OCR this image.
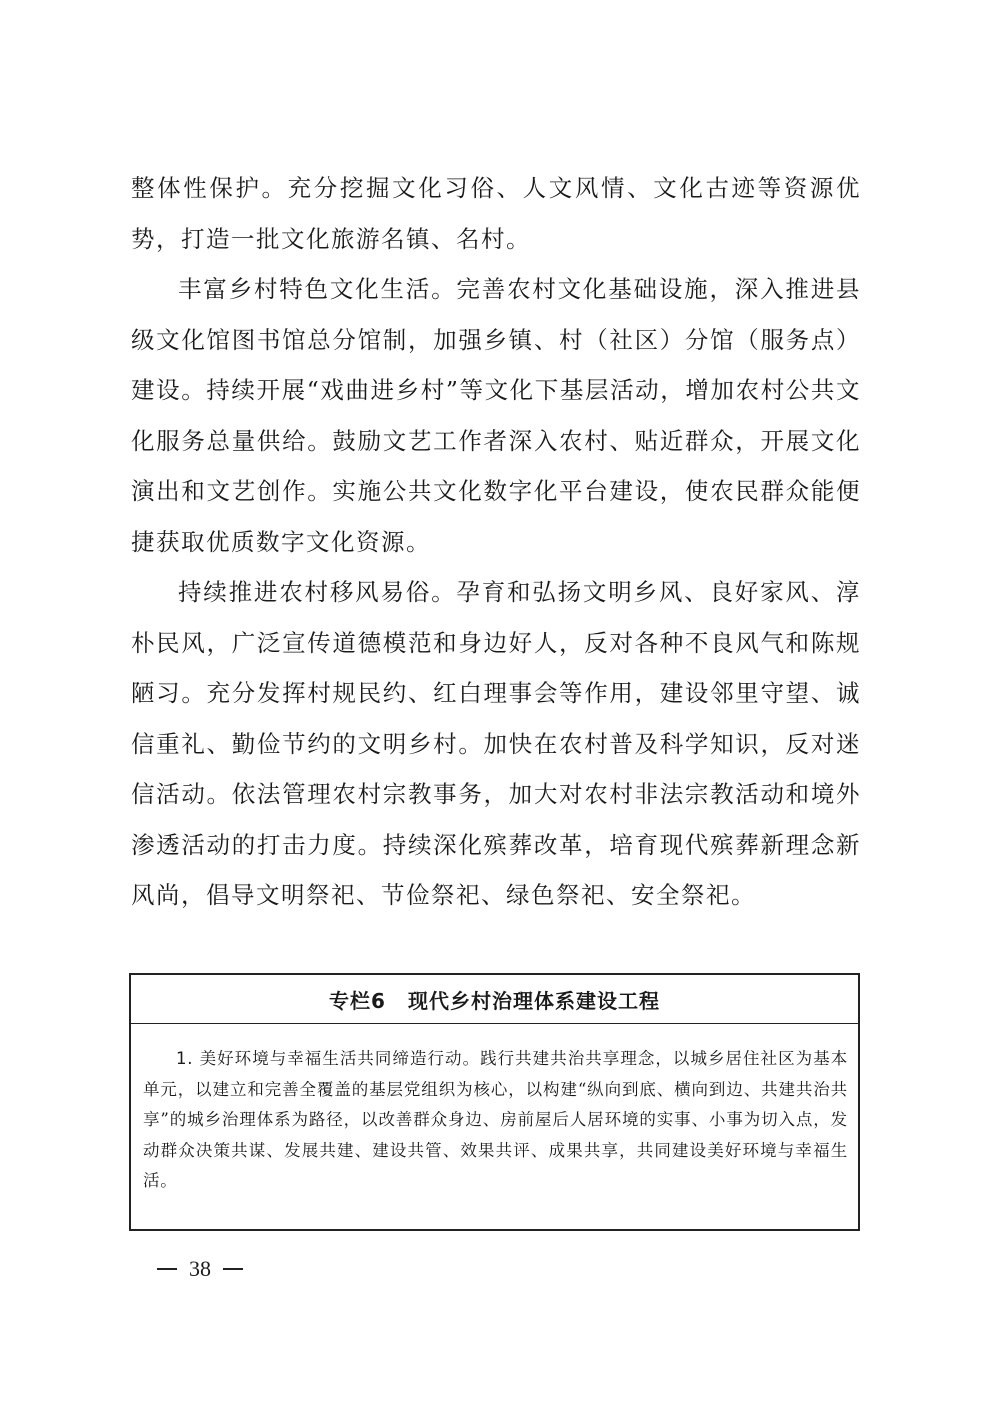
整体性保护。充分挖掘文化习俗、人文风情、文化古迹等资源优势，打造一批文化旅游名镇、名村。

丰富乡村特色文化生活。完善农村文化基础设施，深入推进县级文化馆图书馆总分馆制，加强乡镇、村（社区）分馆（服务点）建设。持续开展“戏曲进乡村”等文化下基层活动，增加农村公共文化服务总量供给。鼓励文艺工作者深入农村、贴近群众，开展文化演出和文艺创作。实施公共文化数字化平台建设，使农民群众能便捷获取优质数字文化资源。

持续推进农村移风易俗。孕育和弘扬文明乡风、良好家风、淳朴民风，广泛宣传道德模范和身边好人，反对各种不良风气和陈规陋习。充分发挥村规民约、红白理事会等作用，建设邻里守望、诚信重礼、勤俭节约的文明乡村。加快在农村普及科学知识，反对迷信活动。依法管理农村宗教事务，加大对农村非法宗教活动和境外渗透活动的打击力度。持续深化殡葬改革，培育现代殡葬新理念新风尚，倡导文明祭祀、节俭祭祀、绿色祭祀、安全祭祀。

专栏6 现代乡村治理体系建设工程
1. 美好环境与幸福生活共同缔造行动。践行共建共治共享理念，以城乡居住社区为基本单元，以建立和完善全覆盖的基层党组织为核心，以构建“纵向到底、横向到边、共建共治共享”的城乡治理体系为路径，以改善群众身边、房前屋后人居环境的实事、小事为切入点，发动群众决策共谋、发展共建、建设共管、效果共评、成果共享，共同建设美好环境与幸福生活。
38
